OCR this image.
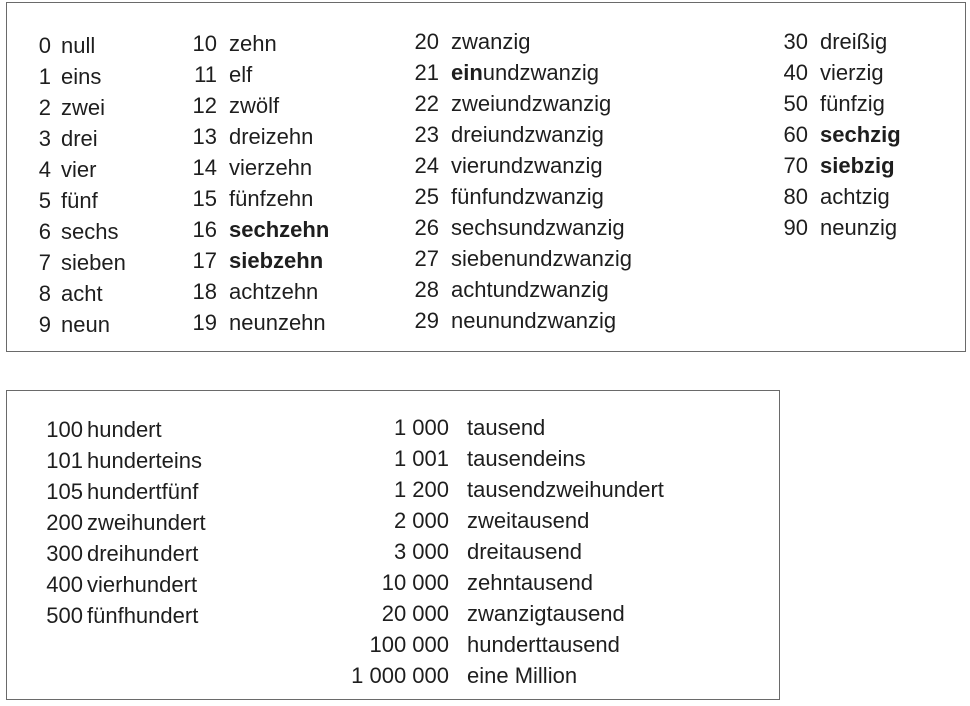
0 null
1 eins
2 zwei
3 drei
4 vier
5 fünf
6 sechs
7 sieben
8 acht
9 neun
10 zehn
11 elf
12 zwölf
13 dreizehn
14 vierzehn
15 fünfzehn
16 sechzehn
17 siebzehn
18 achtzehn
19 neunzehn
20 zwanzig
21 einundzwanzig
22 zweiundzwanzig
23 dreiundzwanzig
24 vierundzwanzig
25 fünfundzwanzig
26 sechsundzwanzig
27 siebenundzwanzig
28 achtundzwanzig
29 neunundzwanzig
30 dreißig
40 vierzig
50 fünfzig
60 sechzig
70 siebzig
80 achtzig
90 neunzig
100 hundert
101 hunderteins
105 hundertfünf
200 zweihundert
300 dreihundert
400 vierhundert
500 fünfhundert
1 000 tausend
1 001 tausendeins
1 200 tausendzweihundert
2 000 zweitausend
3 000 dreitausend
10 000 zehntausend
20 000 zwanzigtausend
100 000 hunderttausend
1 000 000 eine Million
